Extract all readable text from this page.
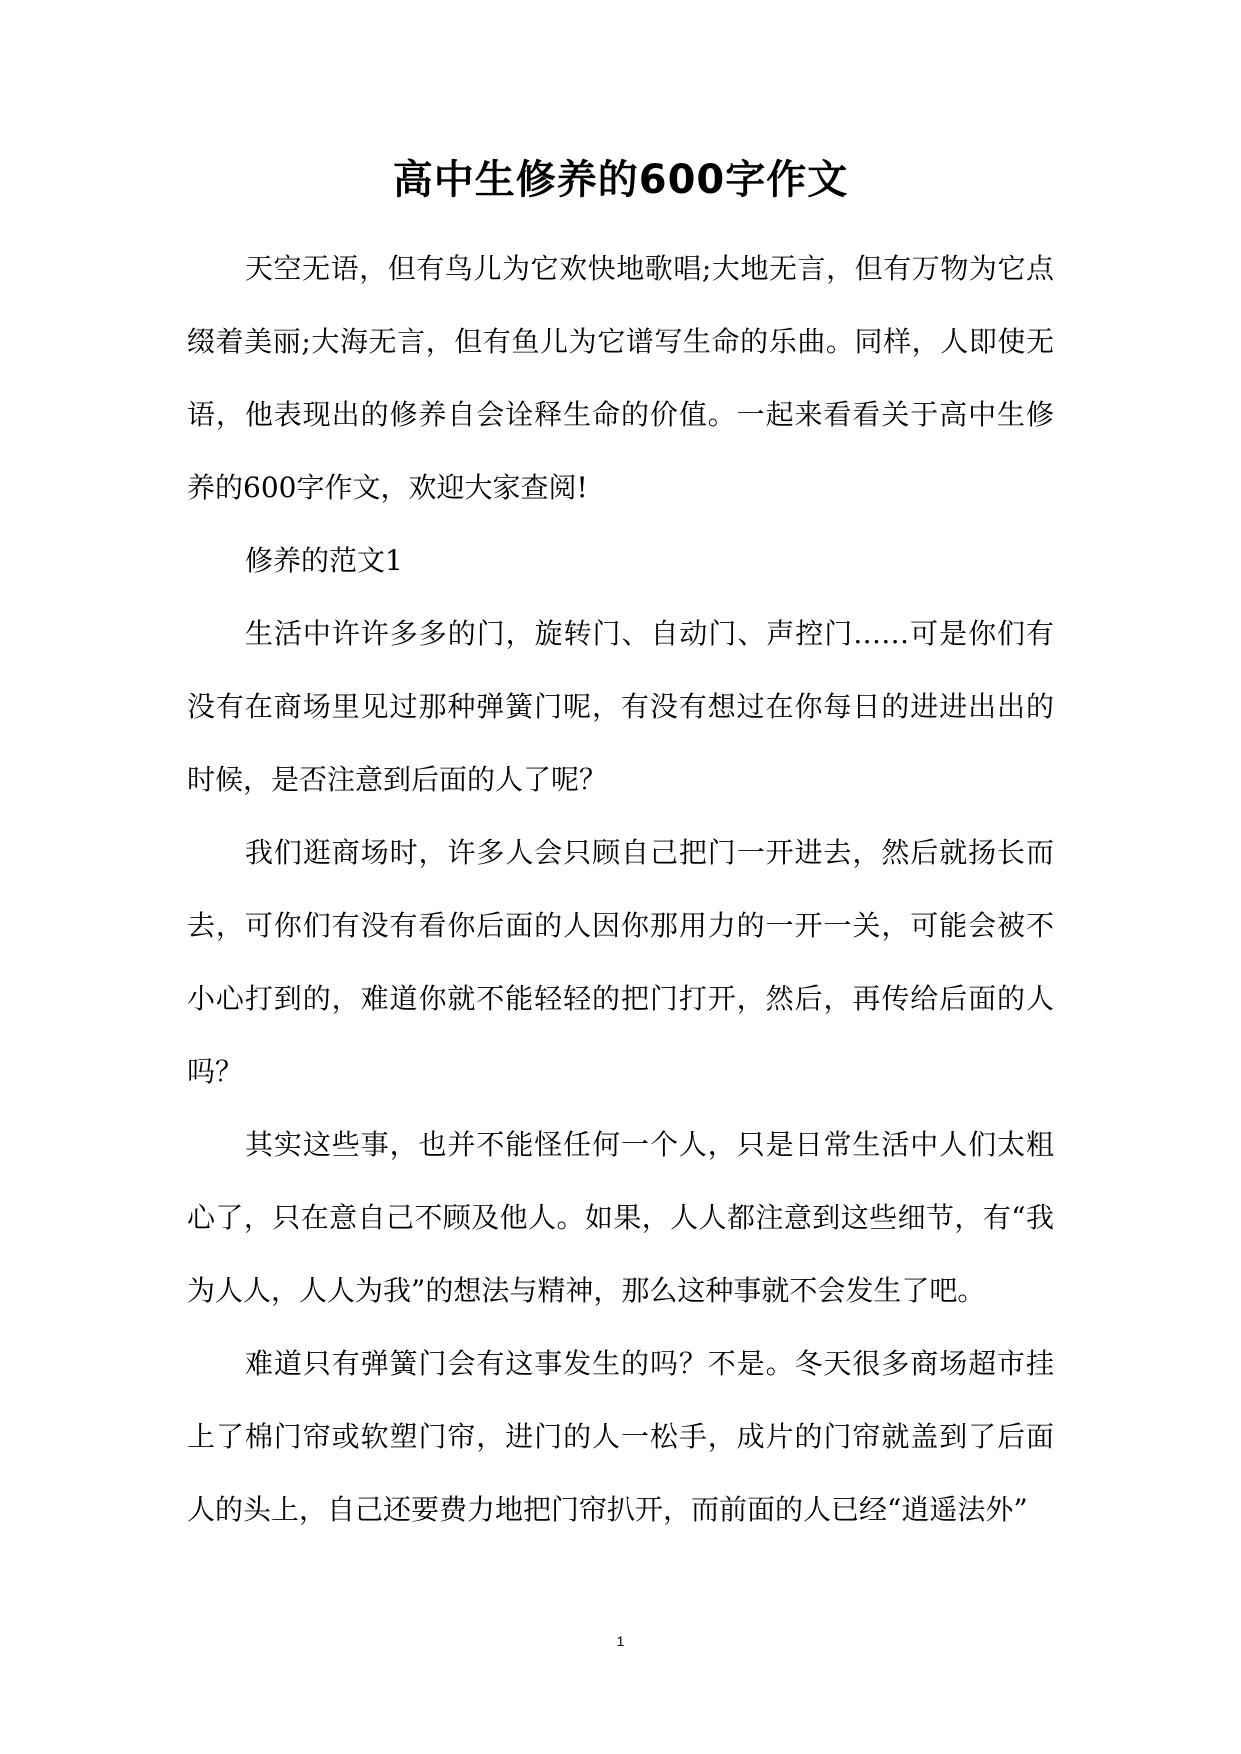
高中生修养的600字作文

天空无语，但有鸟儿为它欢快地歌唱;大地无言，但有万物为它点缀着美丽;大海无言，但有鱼儿为它谱写生命的乐曲。同样，人即使无语，他表现出的修养自会诠释生命的价值。一起来看看关于高中生修养的600字作文，欢迎大家查阅!

修养的范文1

生活中许许多多的门，旋转门、自动门、声控门……可是你们有没有在商场里见过那种弹簧门呢，有没有想过在你每日的进进出出的时候，是否注意到后面的人了呢？

我们逛商场时，许多人会只顾自己把门一开进去，然后就扬长而去，可你们有没有看你后面的人因你那用力的一开一关，可能会被不小心打到的，难道你就不能轻轻的把门打开，然后，再传给后面的人吗？

其实这些事，也并不能怪任何一个人，只是日常生活中人们太粗心了，只在意自己不顾及他人。如果，人人都注意到这些细节，有“我为人人，人人为我”的想法与精神，那么这种事就不会发生了吧。

难道只有弹簧门会有这事发生的吗？不是。冬天很多商场超市挂上了棉门帘或软塑门帘，进门的人一松手，成片的门帘就盖到了后面人的头上，自己还要费力地把门帘扒开，而前面的人已经“逍遥法外”

1
